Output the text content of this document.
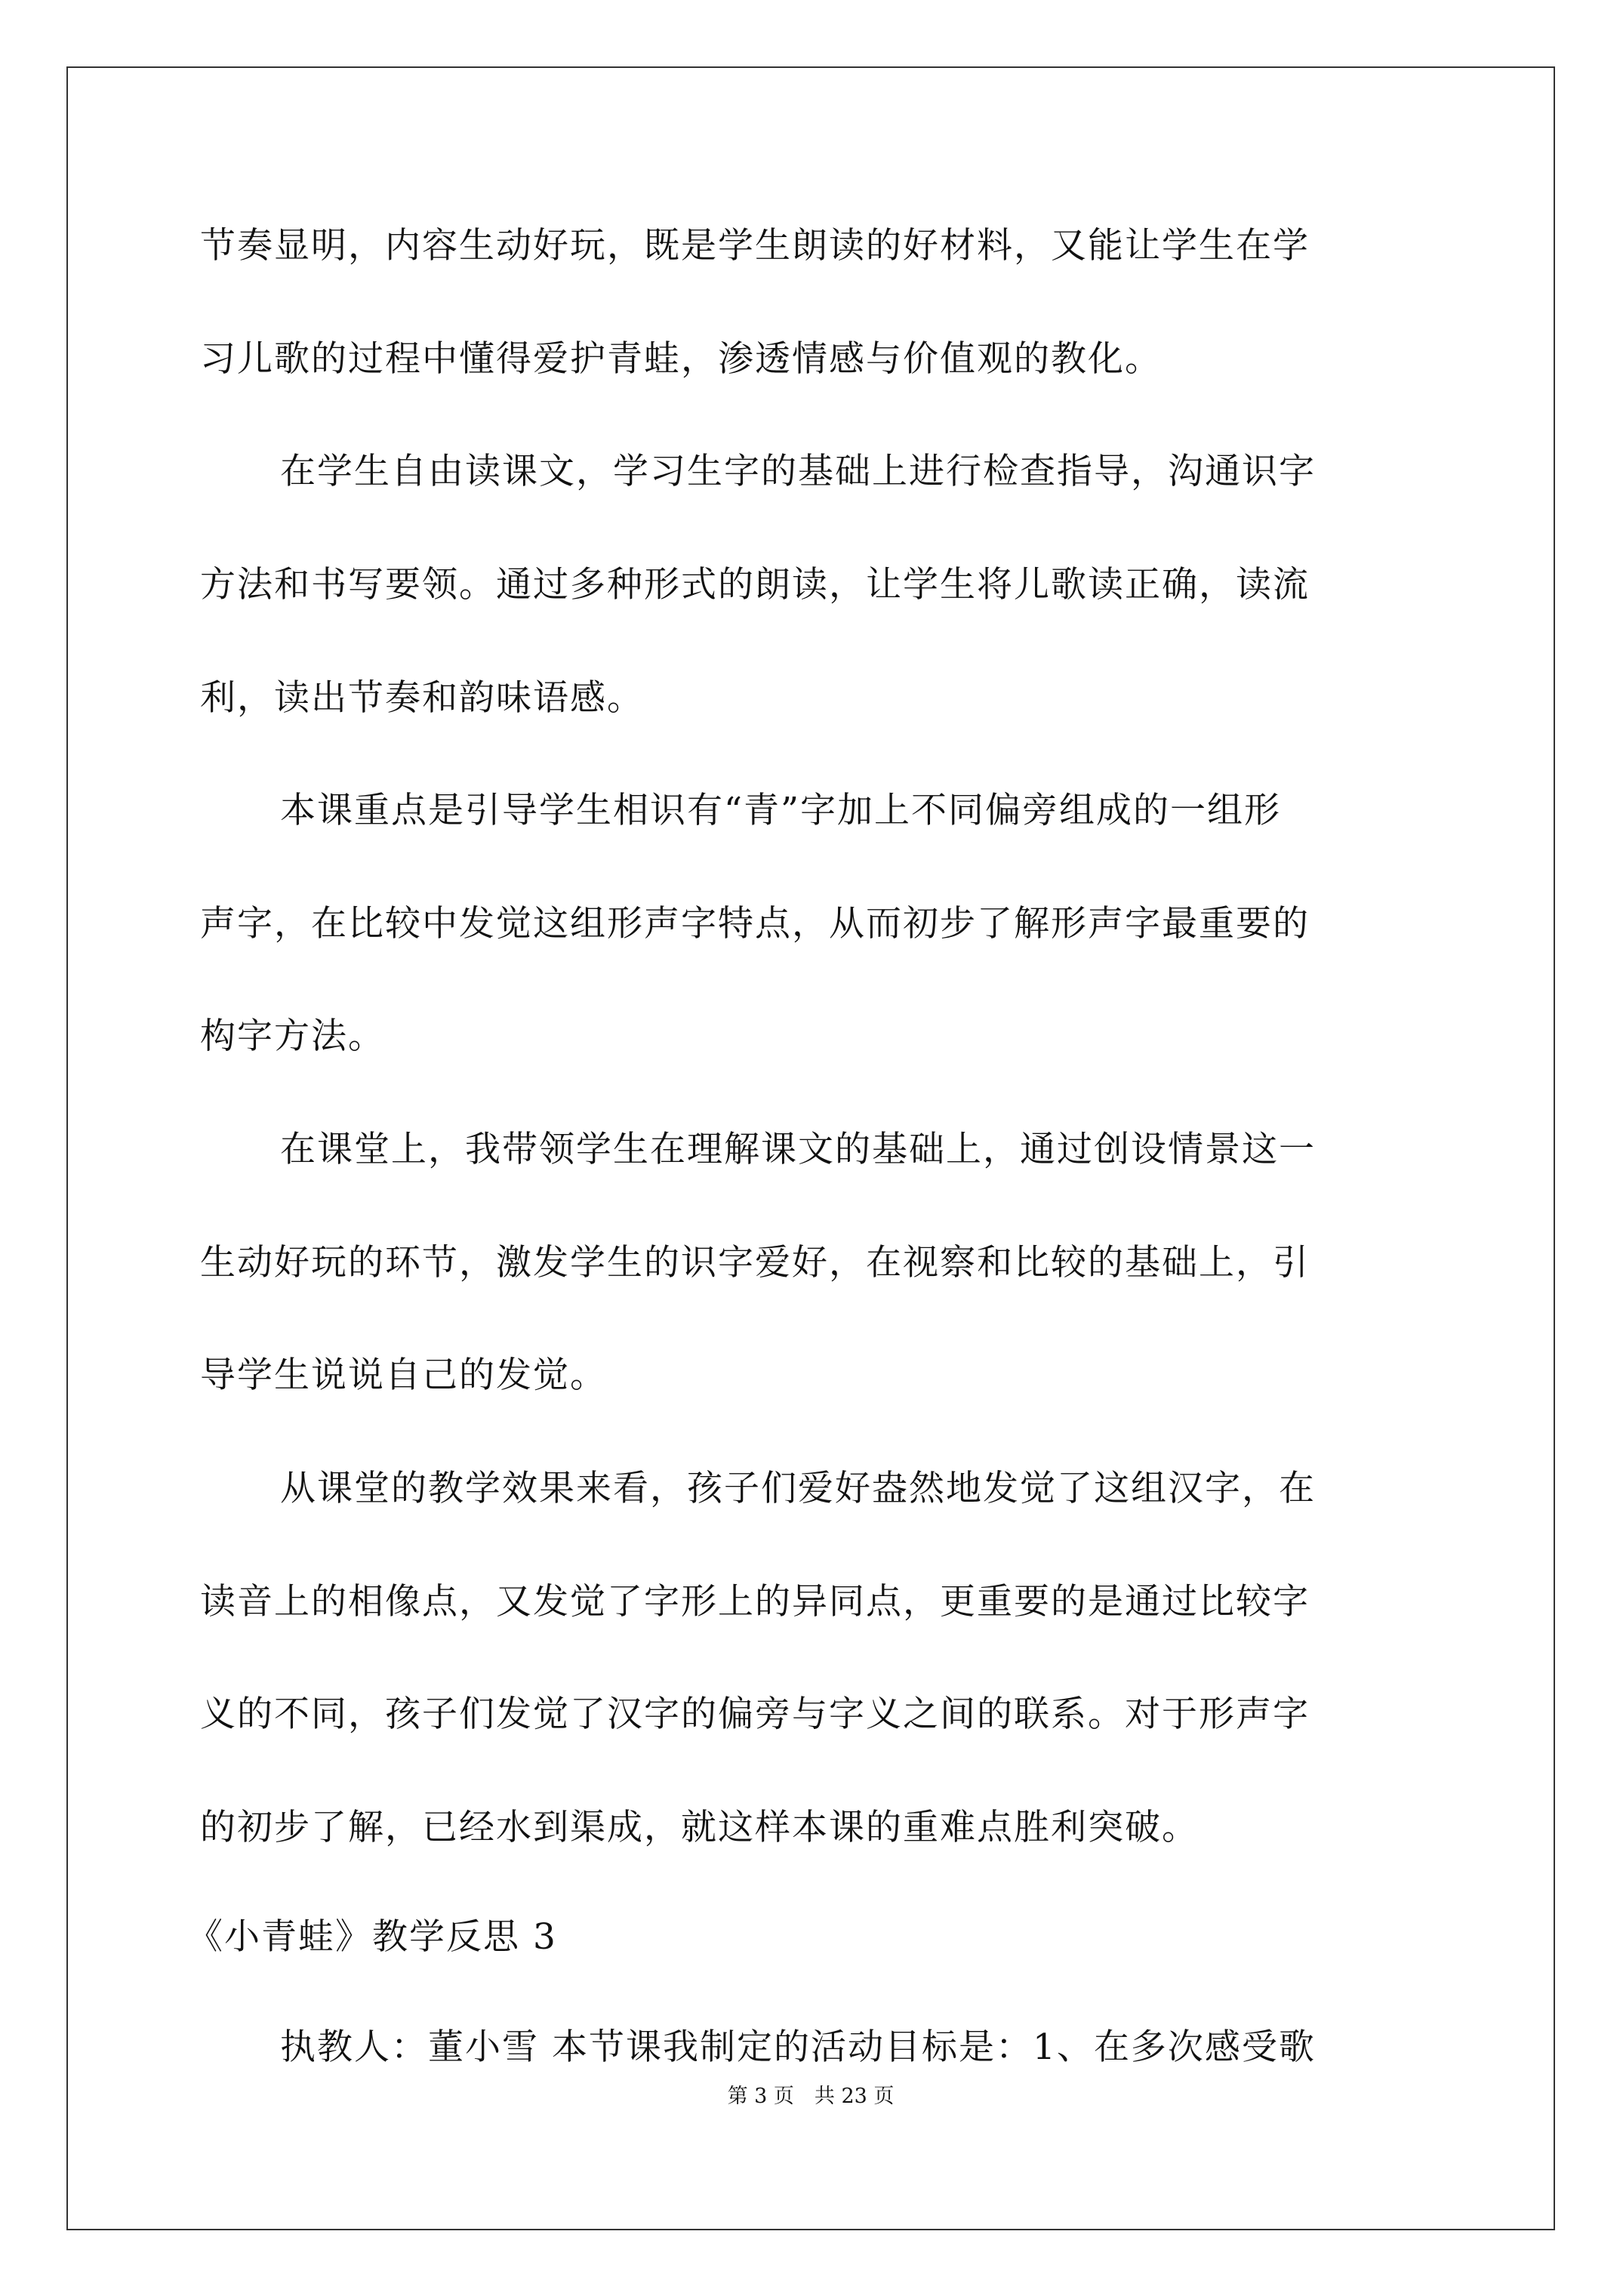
节奏显明，内容生动好玩，既是学生朗读的好材料，又能让学生在学
习儿歌的过程中懂得爱护青蛙，渗透情感与价值观的教化。
在学生自由读课文，学习生字的基础上进行检查指导，沟通识字
方法和书写要领。通过多种形式的朗读，让学生将儿歌读正确，读流
利，读出节奏和韵味语感。
本课重点是引导学生相识有“青”字加上不同偏旁组成的一组形
声字，在比较中发觉这组形声字特点，从而初步了解形声字最重要的
构字方法。
在课堂上，我带领学生在理解课文的基础上，通过创设情景这一
生动好玩的环节，激发学生的识字爱好，在视察和比较的基础上，引
导学生说说自己的发觉。
从课堂的教学效果来看，孩子们爱好盎然地发觉了这组汉字，在
读音上的相像点，又发觉了字形上的异同点，更重要的是通过比较字
义的不同，孩子们发觉了汉字的偏旁与字义之间的联系。对于形声字
的初步了解，已经水到渠成，就这样本课的重难点胜利突破。
《小青蛙》教学反思 3
执教人：董小雪 本节课我制定的活动目标是：1、在多次感受歌
第 3 页　共 23 页
